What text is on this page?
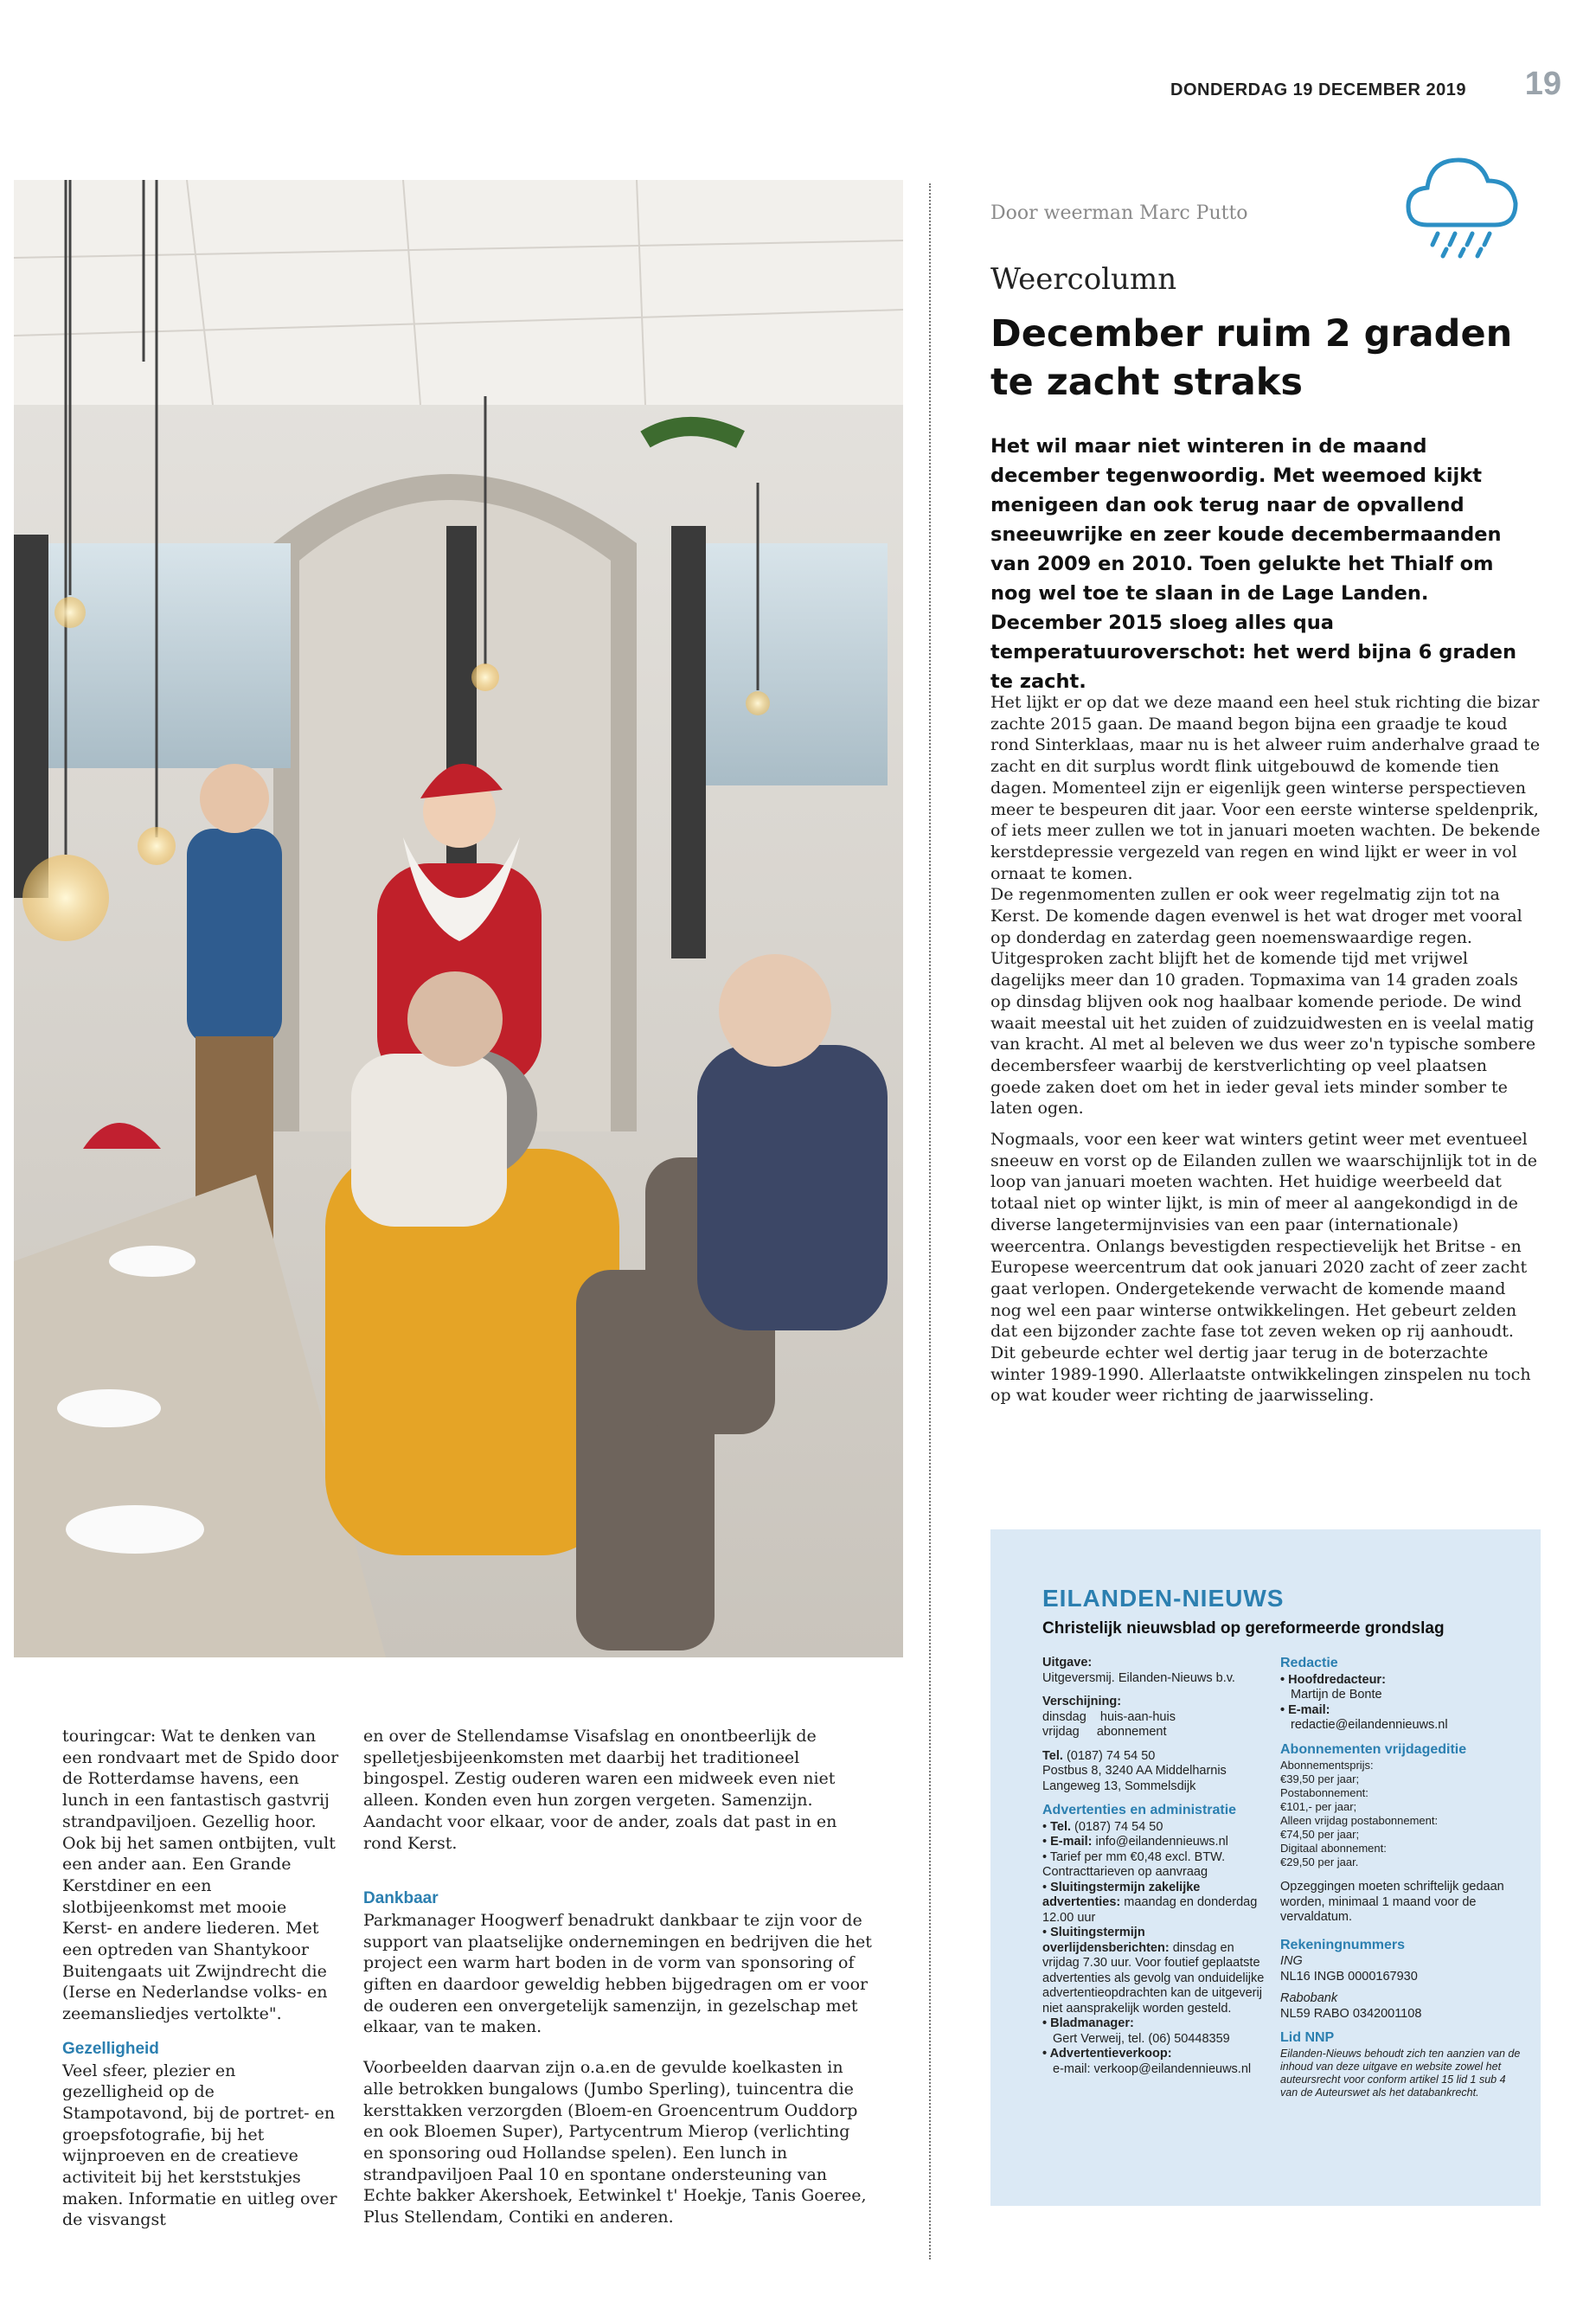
DONDERDAG 19 DECEMBER 2019 19
Door weerman Marc Putto
Weercolumn
December ruim 2 graden te zacht straks
Het wil maar niet winteren in de maand december tegenwoordig. Met weemoed kijkt menigeen dan ook terug naar de opvallend sneeuwrijke en zeer koude decembermaanden van 2009 en 2010. Toen gelukte het Thialf om nog wel toe te slaan in de Lage Landen. December 2015 sloeg alles qua temperatuuroverschot: het werd bijna 6 graden te zacht.

Het lijkt er op dat we deze maand een heel stuk richting die bizar zachte 2015 gaan. De maand begon bijna een graadje te koud rond Sinterklaas, maar nu is het alweer ruim anderhalve graad te zacht en dit surplus wordt flink uitgebouwd de komende tien dagen. Momenteel zijn er eigenlijk geen winterse perspectieven meer te bespeuren dit jaar. Voor een eerste winterse speldenprik, of iets meer zullen we tot in januari moeten wachten. De bekende kerstdepressie vergezeld van regen en wind lijkt er weer in vol ornaat te komen.

De regenmomenten zullen er ook weer regelmatig zijn tot na Kerst. De komende dagen evenwel is het wat droger met vooral op donderdag en zaterdag geen noemenswaardige regen. Uitgesproken zacht blijft het de komende tijd met vrijwel dagelijks meer dan 10 graden. Topmaxima van 14 graden zoals op dinsdag blijven ook nog haalbaar komende periode. De wind waait meestal uit het zuiden of zuidzuidwesten en is veelal matig van kracht. Al met al beleven we dus weer zo'n typische sombere decembersfeer waarbij de kerstverlichting op veel plaatsen goede zaken doet om het in ieder geval iets minder somber te laten ogen.

Nogmaals, voor een keer wat winters getint weer met eventueel sneeuw en vorst op de Eilanden zullen we waarschijnlijk tot in de loop van januari moeten wachten. Het huidige weerbeeld dat totaal niet op winter lijkt, is min of meer al aangekondigd in de diverse langetermijnvisies van een paar (internationale) weercentra. Onlangs bevestigden respectievelijk het Britse - en Europese weercentrum dat ook januari 2020 zacht of zeer zacht gaat verlopen. Ondergetekende verwacht de komende maand nog wel een paar winterse ontwikkelingen. Het gebeurt zelden dat een bijzonder zachte fase tot zeven weken op rij aanhoudt. Dit gebeurde echter wel dertig jaar terug in de boterzachte winter 1989-1990. Allerlaatste ontwikkelingen zinspelen nu toch op wat kouder weer richting de jaarwisseling.

touringcar: Wat te denken van een rondvaart met de Spido door de Rotterdamse havens, een lunch in een fantastisch gastvrij strandpaviljoen. Gezellig hoor. Ook bij het samen ontbijten, vult een ander aan. Een Grande Kerstdiner en een slotbijeenkomst met mooie Kerst- en andere liederen. Met een optreden van Shantykoor Buitengaats uit Zwijndrecht die (Ierse en Nederlandse volks- en zeemansliedjes vertolkte".

Gezelligheid

Veel sfeer, plezier en gezelligheid op de Stampotavond, bij de portret- en groepsfotografie, bij het wijnproeven en de creatieve activiteit bij het kerststukjes maken. Informatie en uitleg over de visvangst

en over de Stellendamse Visafslag en onontbeerlijk de spelletjesbijeenkomsten met daarbij het traditioneel bingospel. Zestig ouderen waren een midweek even niet alleen. Konden even hun zorgen vergeten. Samenzijn. Aandacht voor elkaar, voor de ander, zoals dat past in en rond Kerst.

Dankbaar

Parkmanager Hoogwerf benadrukt dankbaar te zijn voor de support van plaatselijke ondernemingen en bedrijven die het project een warm hart boden in de vorm van sponsoring of giften en daardoor geweldig hebben bijgedragen om er voor de ouderen een onvergetelijk samenzijn, in gezelschap met elkaar, van te maken.

Voorbeelden daarvan zijn o.a.en de gevulde koelkasten in alle betrokken bungalows (Jumbo Sperling), tuincentra die kersttakken verzorgden (Bloem-en Groencentrum Ouddorp en ook Bloemen Super), Partycentrum Mierop (verlichting en sponsoring oud Hollandse spelen). Een lunch in strandpaviljoen Paal 10 en spontane ondersteuning van Echte bakker Akershoek, Eetwinkel t' Hoekje, Tanis Goeree, Plus Stellendam, Contiki en anderen.

EILANDEN-NIEUWS
Christelijk nieuwsblad op gereformeerde grondslag
Uitgave:
Uitgeversmij. Eilanden-Nieuws b.v.
Verschijning:
dinsdag    huis-aan-huis
vrijdag     abonnement
Tel. (0187) 74 54 50
Postbus 8, 3240 AA Middelharnis
Langeweg 13, Sommelsdijk
Advertenties en administratie
• Tel. (0187) 74 54 50
• E-mail: info@eilandennieuws.nl
• Tarief per mm €0,48 excl. BTW. Contracttarieven op aanvraag
• Sluitingstermijn zakelijke advertenties: maandag en donderdag 12.00 uur
• Sluitingstermijn overlijdensberichten: dinsdag en vrijdag 7.30 uur. Voor foutief geplaatste advertenties als gevolg van onduidelijke advertentieopdrachten kan de uitgeverij niet aansprakelijk worden gesteld.
• Bladmanager:
Gert Verweij, tel. (06) 50448359
• Advertentieverkoop:
e-mail: verkoop@eilandennieuws.nl
Redactie
• Hoofdredacteur:
Martijn de Bonte
• E-mail:
redactie@eilandennieuws.nl
Abonnementen vrijdageditie
Abonnementsprijs:
€39,50 per jaar;
Postabonnement:
€101,- per jaar;
Alleen vrijdag postabonnement:
€74,50 per jaar;
Digitaal abonnement:
€29,50 per jaar.
Opzeggingen moeten schriftelijk gedaan worden, minimaal 1 maand voor de vervaldatum.
Rekeningnummers
ING
NL16 INGB 0000167930
Rabobank
NL59 RABO 0342001108
Lid NNP
Eilanden-Nieuws behoudt zich ten aanzien van de inhoud van deze uitgave en website zowel het auteursrecht voor conform artikel 15 lid 1 sub 4 van de Auteurswet als het databankrecht.
